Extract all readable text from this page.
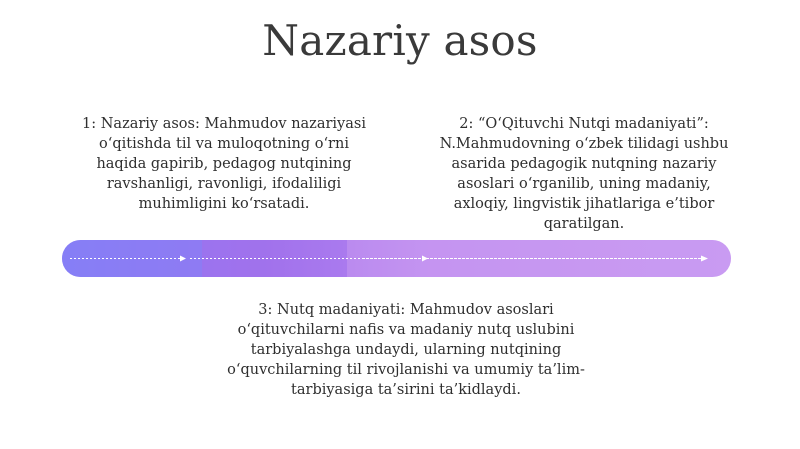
Nazariy asos

1: Nazariy asos: Mahmudov nazariyasi o‘qitishda til va muloqotning o‘rni haqida gapirib, pedagog nutqining ravshanligi, ravonligi, ifodaliligi muhimligini ko‘rsatadi.

2: “O‘Qituvchi Nutqi madaniyati”: N.Mahmudovning o‘zbek tilidagi ushbu asarida pedagogik nutqning nazariy asoslari o‘rganilib, uning madaniy, axloqiy, lingvistik jihatlariga e’tibor qaratilgan.

3: Nutq madaniyati: Mahmudov asoslari o‘qituvchilarni nafis va madaniy nutq uslubini tarbiyalashga undaydi, ularning nutqining o‘quvchilarning til rivojlanishi va umumiy ta’lim-tarbiyasiga ta’sirini ta’kidlaydi.
